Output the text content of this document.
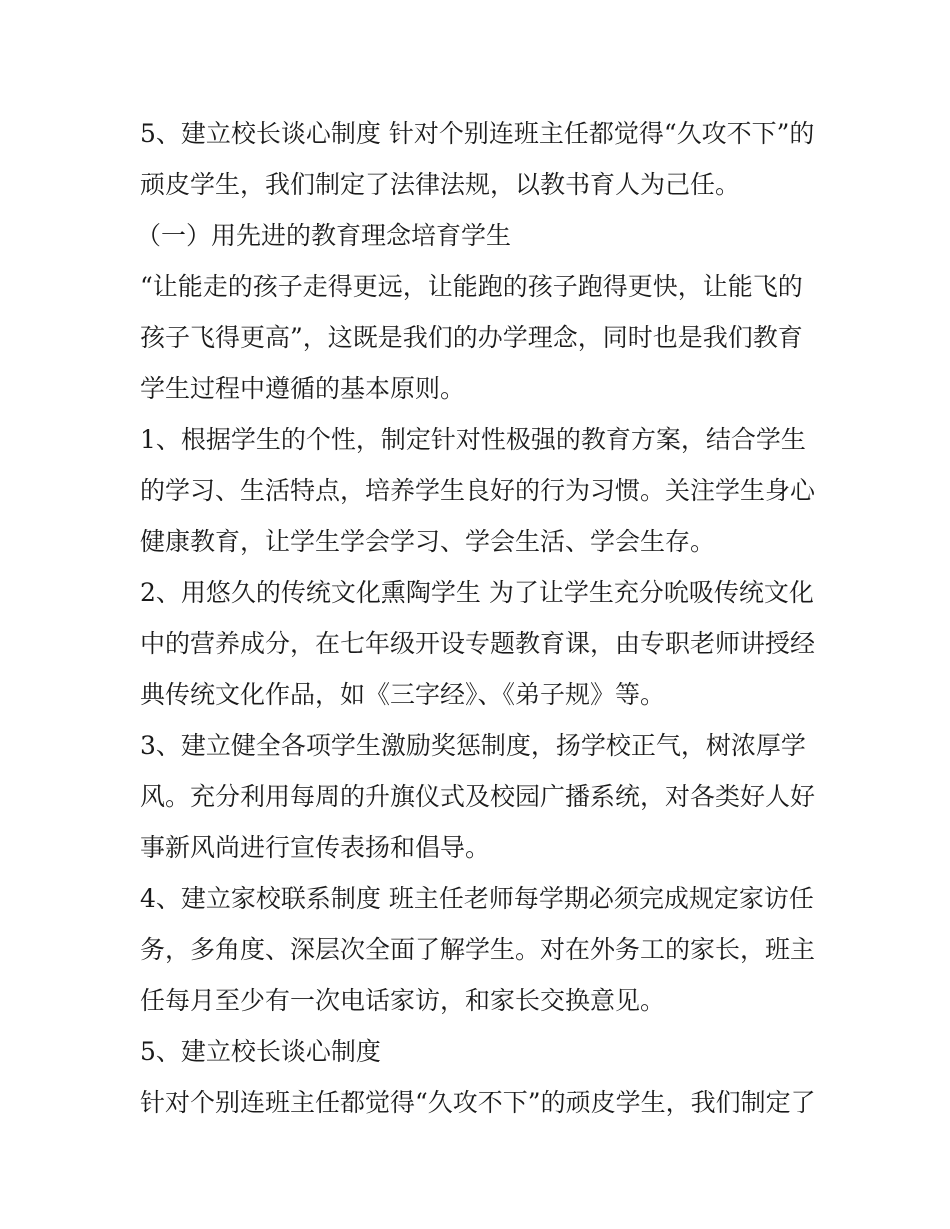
5、建立校长谈心制度 针对个别连班主任都觉得“久攻不下”的
顽皮学生，我们制定了法律法规，以教书育人为己任。
（一）用先进的教育理念培育学生
“让能走的孩子走得更远，让能跑的孩子跑得更快，让能飞的
孩子飞得更高”，这既是我们的办学理念，同时也是我们教育
学生过程中遵循的基本原则。
1、根据学生的个性，制定针对性极强的教育方案，结合学生
的学习、生活特点，培养学生良好的行为习惯。关注学生身心
健康教育，让学生学会学习、学会生活、学会生存。
2、用悠久的传统文化熏陶学生 为了让学生充分吮吸传统文化
中的营养成分，在七年级开设专题教育课，由专职老师讲授经
典传统文化作品，如《三字经》、《弟子规》等。
3、建立健全各项学生激励奖惩制度，扬学校正气，树浓厚学
风。充分利用每周的升旗仪式及校园广播系统，对各类好人好
事新风尚进行宣传表扬和倡导。
4、建立家校联系制度 班主任老师每学期必须完成规定家访任
务，多角度、深层次全面了解学生。对在外务工的家长，班主
任每月至少有一次电话家访，和家长交换意见。
5、建立校长谈心制度
针对个别连班主任都觉得“久攻不下”的顽皮学生，我们制定了
